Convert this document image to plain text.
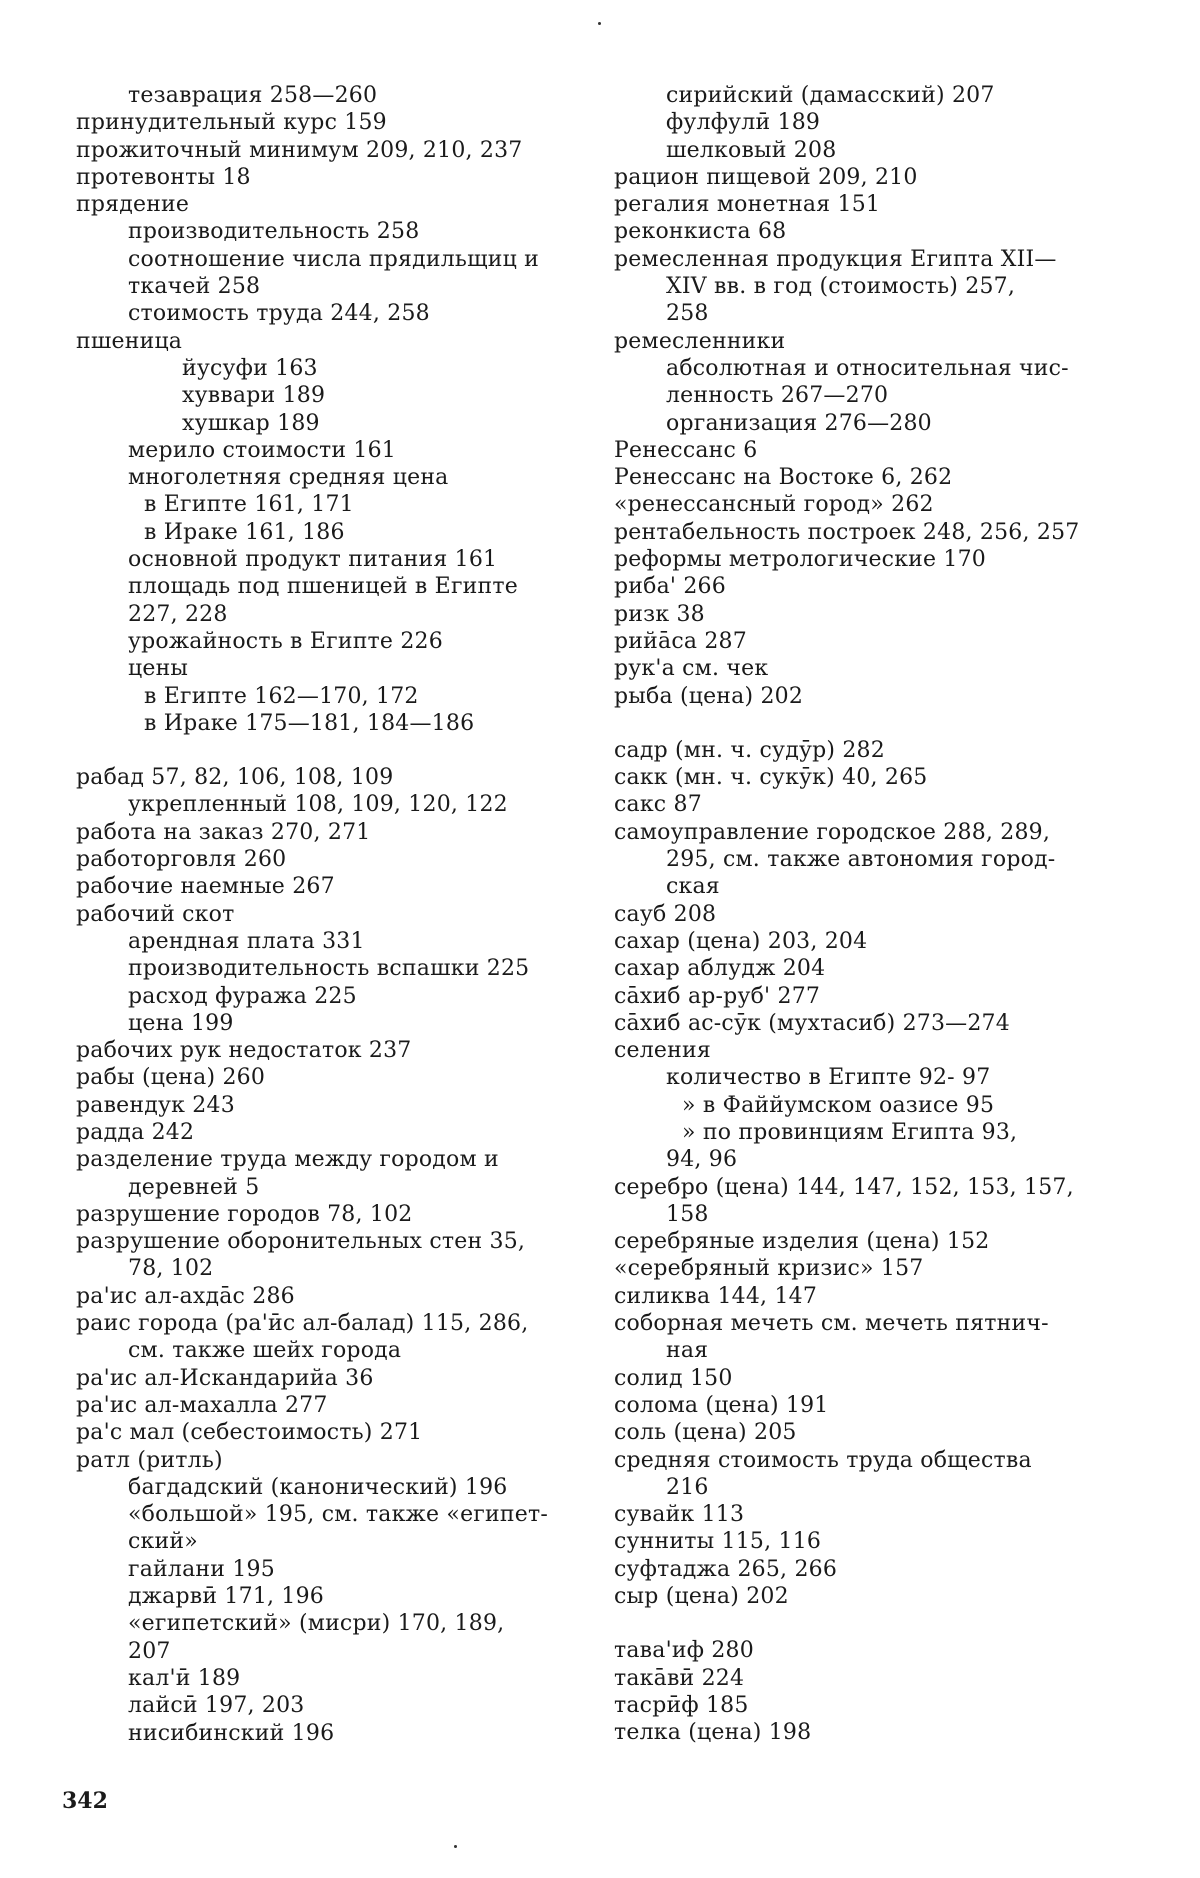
тезаврация 258—260
принудительный курс 159
прожиточный минимум 209, 210, 237
протевонты 18
прядение
производительность 258
соотношение числа прядильщиц и
ткачей 258
стоимость труда 244, 258
пшеница
йусуфи 163
хуввари 189
хушкар 189
мерило стоимости 161
многолетняя средняя цена
в Египте 161, 171
в Ираке 161, 186
основной продукт питания 161
площадь под пшеницей в Египте
227, 228
урожайность в Египте 226
цены
в Египте 162—170, 172
в Ираке 175—181, 184—186
рабад 57, 82, 106, 108, 109
укрепленный 108, 109, 120, 122
работа на заказ 270, 271
работорговля 260
рабочие наемные 267
рабочий скот
арендная плата 331
производительность вспашки 225
расход фуража 225
цена 199
рабочих рук недостаток 237
рабы (цена) 260
равендук 243
радда 242
разделение труда между городом и
деревней 5
разрушение городов 78, 102
разрушение оборонительных стен 35,
78, 102
ра'ис ал-ахдāс 286
раис города (ра'ӣс ал-балад) 115, 286,
см. также шейх города
ра'ис ал-Искандарийа 36
ра'ис ал-махалла 277
ра'с мал (себестоимость) 271
ратл (ритль)
багдадский (канонический) 196
«большой» 195, см. также «египет-
ский»
гайлани 195
джарвӣ 171, 196
«египетский» (мисри) 170, 189,
207
кал'ӣ 189
лайсӣ 197, 203
нисибинский 196
сирийский (дамасский) 207
фулфулӣ 189
шелковый 208
рацион пищевой 209, 210
регалия монетная 151
реконкиста 68
ремесленная продукция Египта XII—
XIV вв. в год (стоимость) 257,
258
ремесленники
абсолютная и относительная чис-
ленность 267—270
организация 276—280
Ренессанс 6
Ренессанс на Востоке 6, 262
«ренессансный город» 262
рентабельность построек 248, 256, 257
реформы метрологические 170
риба' 266
ризк 38
рийāса 287
рук'а см. чек
рыба (цена) 202
садр (мн. ч. судӯр) 282
сакк (мн. ч. сукӯк) 40, 265
сакс 87
самоуправление городское 288, 289,
295, см. также автономия город-
ская
сауб 208
сахар (цена) 203, 204
сахар аблудж 204
сāхиб ар-руб' 277
сāхиб ас-сӯк (мухтасиб) 273—274
селения
количество в Египте 92- 97
» в Файйумском оазисе 95
» по провинциям Египта 93,
94, 96
серебро (цена) 144, 147, 152, 153, 157,
158
серебряные изделия (цена) 152
«серебряный кризис» 157
силиква 144, 147
соборная мечеть см. мечеть пятнич-
ная
солид 150
солома (цена) 191
соль (цена) 205
средняя стоимость труда общества
216
сувайк 113
сунниты 115, 116
суфтаджа 265, 266
сыр (цена) 202
тава'иф 280
такāвӣ 224
тасрӣф 185
телка (цена) 198
342
